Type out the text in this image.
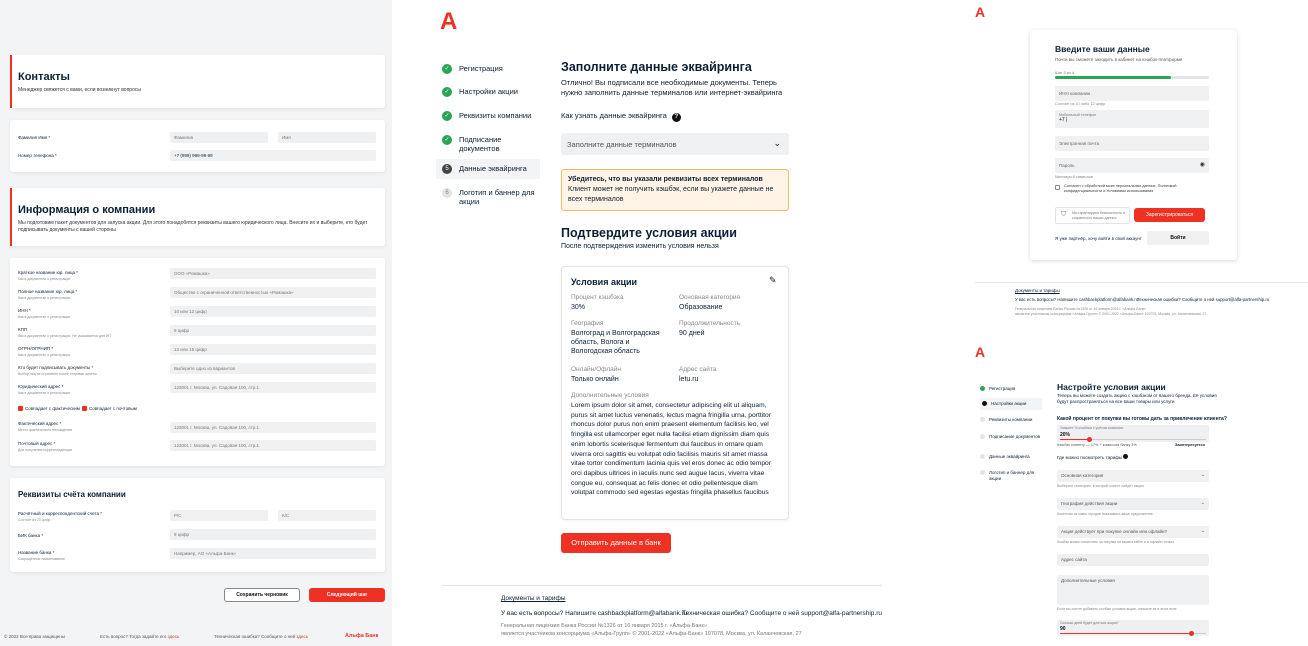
Контакты
Менеджер свяжется с вами, если возникнут вопросы
Фамилия Имя *	Фамилия	Имя
Номер телефона *	+7 (999) 999-99-99
Информация о компании
Мы подготовим пакет документов для запуска акции. Для этого понадобятся реквизиты вашего юридического лица. Внесите их и выберите, кто будет подписывать документы с вашей стороны
Краткое название юр. лица *
Как в документах о регистрации
ООО «Ромашка»
Полное название юр. лица *
Как в документах о регистрации
Общество с ограниченной ответственностью «Ромашка»
ИНН *
Как в документах о регистрации
10 или 12 цифр
КПП
Как в документах о регистрации. Не указывается для ИП
9 цифр
ОГРН/ОГРНИП *
Как в документах о регистрации
13 или 15 цифр
Кто будет подписывать документы *
Выбор лиц не ограничен после отправки анкеты
Выберите одно из вариантов
Юридический адрес *
Как в документах о регистрации
123001 г. Москва, ул. Садовая 100, стр.1
Совпадает с фактическим	Совпадает с почтовым
Фактический адрес *
Место фактического нахождения	123001 г. Москва, ул. Садовая 100, стр.1
Почтовый адрес *
Для получения корреспонденции
123001 г. Москва, ул. Садовая 100, стр.1
Реквизиты счёта компании
Расчётный и корреспондентский счета *
Состоит из 20 цифр
Р/С	К/С
БИК банка *	9 цифр
Название банка *
Сокращённое наименование
Например, АО «Альфа-Банк»
Сохранить черновик	Следующий шаг
© 2022 Все права защищены	Есть вопрос? Тогда задайте его здесь	Техническая ошибка? Сообщите о ней здесь	Альфа Банк
А
✓	Регистрация
✓	Настройки акции
✓	Реквизиты компании
✓	Подписание документов
5	Данные эквайринга
6	Логотип и баннер для акции
Заполните данные эквайринга
Отлично! Вы подписали все необходимые документы. Теперь нужно заполнить данные терминалов или интернет-эквайринга
Как узнать данные эквайринга ?
Заполните данные терминалов	⌄
Убедитесь, что вы указали реквизиты всех терминалов
Клиент может не получить кэшбэк, если вы укажете данные не всех терминалов
Подтвердите условия акции
После подтверждения изменить условия нельзя
Условия акции	✎
Процент кэшбэка
30%
Основная категория
Образование
География
Волгоград и Волгоградская область, Волога и Вологодская область
Продолжительность
90 дней
Онлайн/Офлайн
Только онлайн
Адрес сайта
letu.ru
Дополнительные условия
Lorem ipsum dolor sit amet, consectetur adipiscing elit ut aliquam, purus sit amet luctus venenatis, lectus magna fringilla urna, porttitor rhoncus dolor purus non enim praesent elementum facilisis leo, vel fringilla est ullamcorper eget nulla facilisi etiam dignissim diam quis enim lobortis scelerisque fermentum dui faucibus in ornare quam viverra orci sagittis eu volutpat odio facilisis mauris sit amet massa vitae tortor condimentum lacinia quis vel eros donec ac odio tempor orci dapibus ultrices in iaculis nunc sed augue lacus, viverra vitae congue eu, consequat ac felis donec et odio pellentesque diam volutpat commodo sed egestas egestas fringilla phasellus faucibus
Отправить данные в банк
Документы и тарифы
У вас есть вопросы? Напишите cashbackplatform@alfabank.ru
Техническая ошибка? Сообщите о ней support@alfa-partnership.ru
Генеральная лицензия Банка России №1326 от 16 января 2015 г. «Альфа-Банк»
является участником консорциума «Альфа-Групп» © 2001-2022 «Альфа-Банк» 107078, Москва, ул. Каланчевская, 27
А
Введите ваши данные
Почти вы сможете заходить в кабинет на кэшбэк-платформе
Шаг 3 из 4
ИНН компании
Состоит из 10 либо 12 цифр
Мобильный телефон
+7 |
Электронная почта
Пароль	◉
Минимум 8 символов
Согласен с обработкой моих персональных данных, Политикой конфиденциальности и Условиями использования
⛉ Мы гарантируем безопасность и сохранность ваших данных	Зарегистрироваться
Я уже партнёр, хочу войти в свой аккаунт	Войти
Документы и тарифы
У вас есть вопросы? Напишите cashbackplatform@alfabank.ru
Техническая ошибка? Сообщите о ней support@alfa-partnership.ru
Генеральная лицензия Банка России №1326 от 16 января 2015 г. «Альфа-Банк»
является участником консорциума «Альфа-Групп» © 2001-2022 «Альфа-Банк» 107078, Москва, ул. Каланчевская, 27
А
Регистрация
Настройки акции
Реквизиты компании
Подписание документов
Данные эквайринга
Логотип и баннер для акции
Настройте условия акции
Теперь вы можете создать акцию с кэшбэком от вашего бренда. Её условия будут распространяться на все ваши товары или услуги
Какой процент от покупки вы готовы дать за привлечение клиента?
Укажите % кэшбэка с учётом комиссии
20%
Кэшбэк клиенту — 17% + комиссия банку 3%	Заинтересуется
Где можно посмотреть тарифы
Основная категория	⌄
Выберите категорию, в которой клиент найдёт акцию
География действия акции	⌄
Клиентам из каких городов показывать ваше предложение
Акция действует при покупке онлайн или офлайн?	⌄
Кэшбэк можно начислять за покупки на вашем сайте и в офлайн-точках
Адрес сайта
Дополнительные условия
Если вы хотите добавить особые условия акции, опишите их в этом поле
Сколько дней будет длиться акция?
90
